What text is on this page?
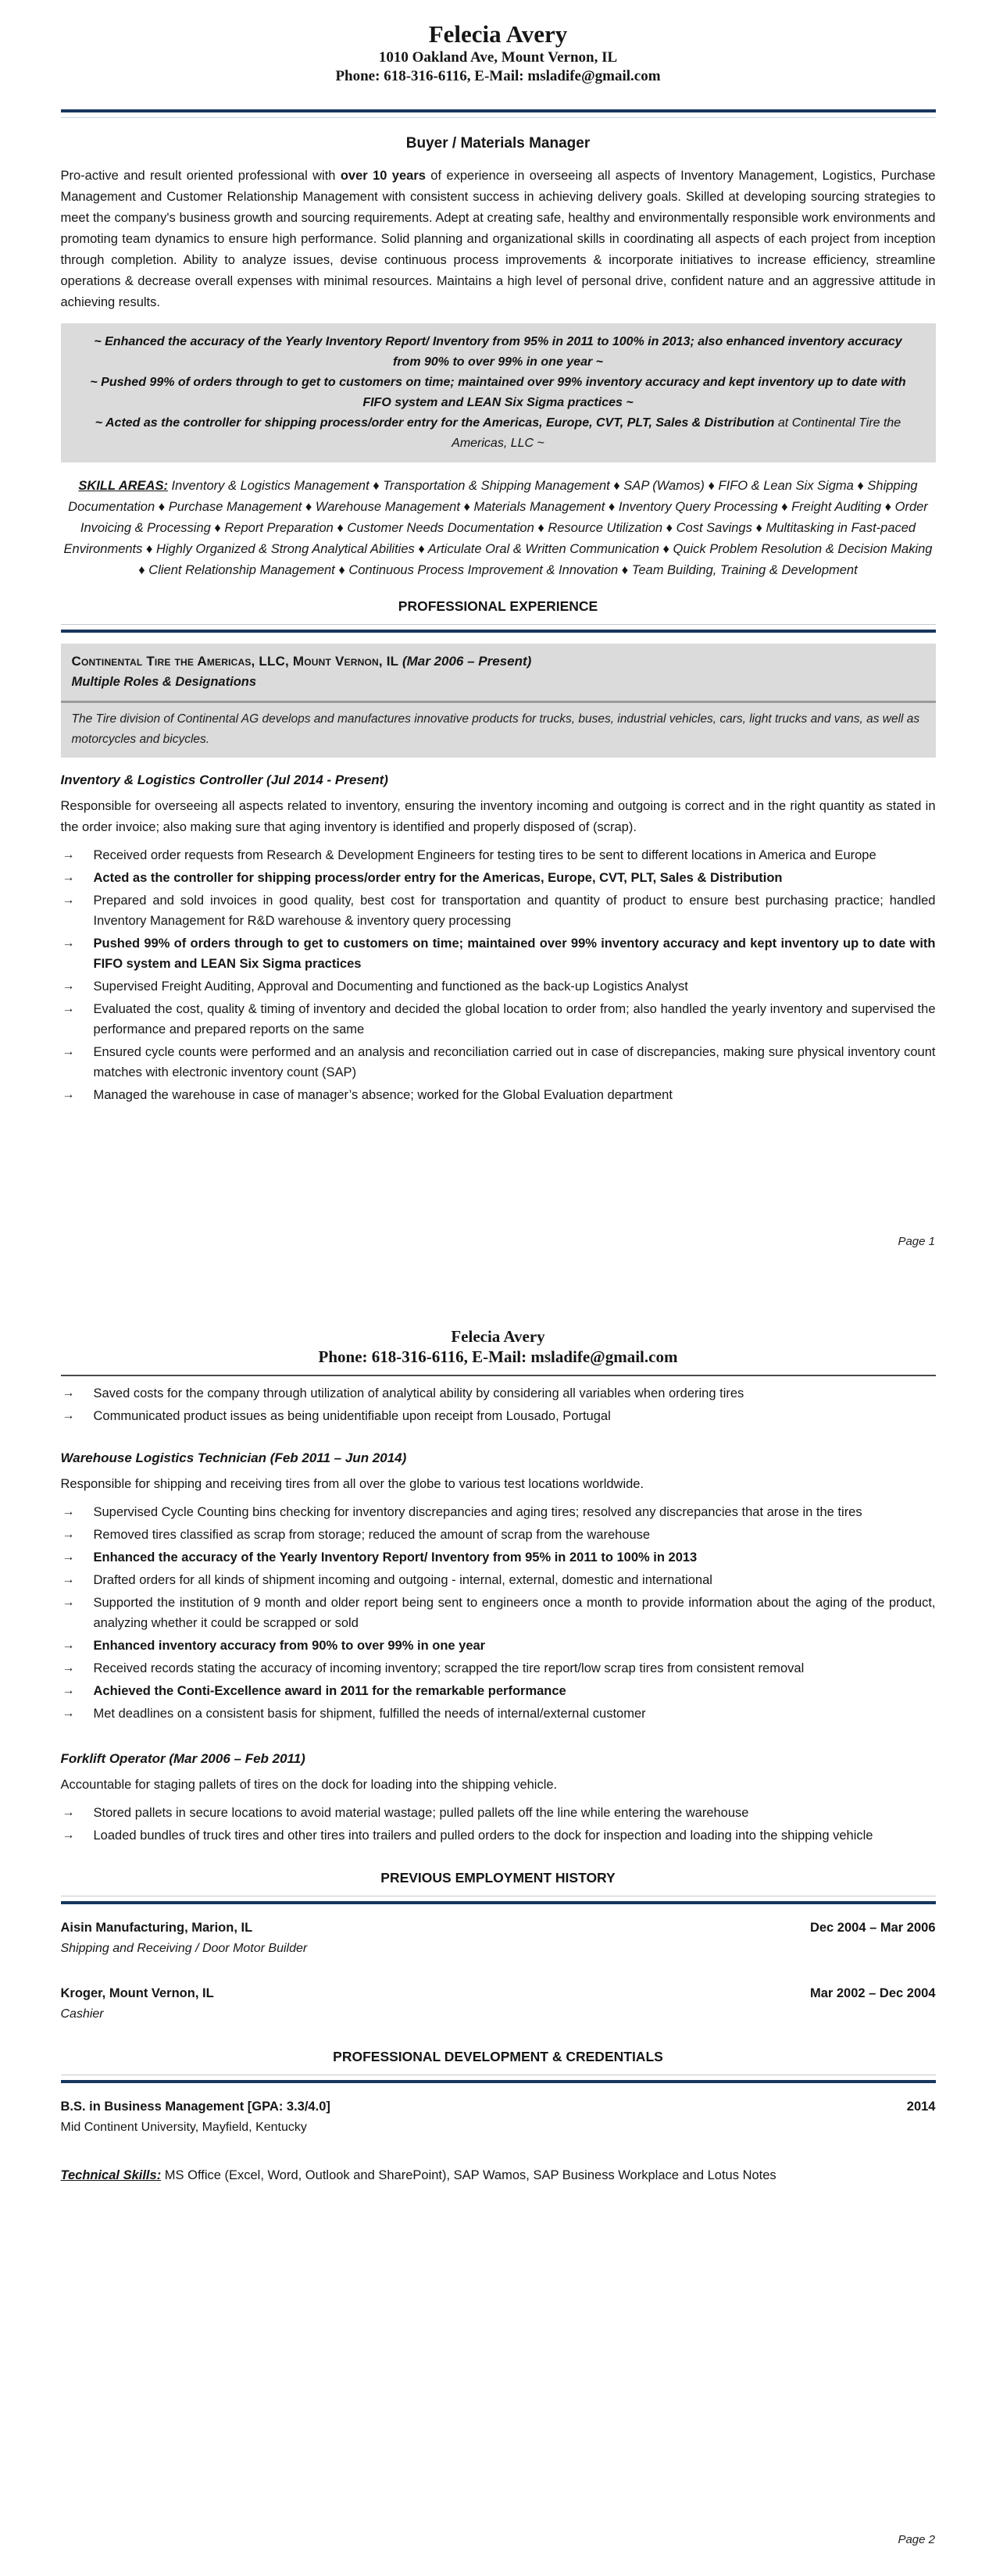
Felecia Avery
1010 Oakland Ave, Mount Vernon, IL
Phone: 618-316-6116, E-Mail: msladife@gmail.com
Buyer / Materials Manager

Pro-active and result oriented professional with over 10 years of experience in overseeing all aspects of Inventory Management, Logistics, Purchase Management and Customer Relationship Management with consistent success in achieving delivery goals. Skilled at developing sourcing strategies to meet the company's business growth and sourcing requirements. Adept at creating safe, healthy and environmentally responsible work environments and promoting team dynamics to ensure high performance. Solid planning and organizational skills in coordinating all aspects of each project from inception through completion. Ability to analyze issues, devise continuous process improvements & incorporate initiatives to increase efficiency, streamline operations & decrease overall expenses with minimal resources. Maintains a high level of personal drive, confident nature and an aggressive attitude in achieving results.

~ Enhanced the accuracy of the Yearly Inventory Report/ Inventory from 95% in 2011 to 100% in 2013; also enhanced inventory accuracy from 90% to over 99% in one year ~
~ Pushed 99% of orders through to get to customers on time; maintained over 99% inventory accuracy and kept inventory up to date with FIFO system and LEAN Six Sigma practices ~
~ Acted as the controller for shipping process/order entry for the Americas, Europe, CVT, PLT, Sales & Distribution at Continental Tire the Americas, LLC ~

SKILL AREAS: Inventory & Logistics Management ♦ Transportation & Shipping Management ♦ SAP (Wamos) ♦ FIFO & Lean Six Sigma ♦ Shipping Documentation ♦ Purchase Management ♦ Warehouse Management ♦ Materials Management ♦ Inventory Query Processing ♦ Freight Auditing ♦ Order Invoicing & Processing ♦ Report Preparation ♦ Customer Needs Documentation ♦ Resource Utilization ♦ Cost Savings ♦ Multitasking in Fast-paced Environments ♦ Highly Organized & Strong Analytical Abilities ♦ Articulate Oral & Written Communication ♦ Quick Problem Resolution & Decision Making ♦ Client Relationship Management ♦ Continuous Process Improvement & Innovation ♦ Team Building, Training & Development

PROFESSIONAL EXPERIENCE
Continental Tire the Americas, LLC, Mount Vernon, IL (Mar 2006 – Present)
Multiple Roles & Designations
The Tire division of Continental AG develops and manufactures innovative products for trucks, buses, industrial vehicles, cars, light trucks and vans, as well as motorcycles and bicycles.
Inventory & Logistics Controller (Jul 2014 - Present)

Responsible for overseeing all aspects related to inventory, ensuring the inventory incoming and outgoing is correct and in the right quantity as stated in the order invoice; also making sure that aging inventory is identified and properly disposed of (scrap).

→	Received order requests from Research & Development Engineers for testing tires to be sent to different locations in America and Europe
→	Acted as the controller for shipping process/order entry for the Americas, Europe, CVT, PLT, Sales & Distribution
→	Prepared and sold invoices in good quality, best cost for transportation and quantity of product to ensure best purchasing practice; handled Inventory Management for R&D warehouse & inventory query processing
→	Pushed 99% of orders through to get to customers on time; maintained over 99% inventory accuracy and kept inventory up to date with FIFO system and LEAN Six Sigma practices
→	Supervised Freight Auditing, Approval and Documenting and functioned as the back-up Logistics Analyst
→	Evaluated the cost, quality & timing of inventory and decided the global location to order from; also handled the yearly inventory and supervised the performance and prepared reports on the same
→	Ensured cycle counts were performed and an analysis and reconciliation carried out in case of discrepancies, making sure physical inventory count matches with electronic inventory count (SAP)
→	Managed the warehouse in case of manager’s absence; worked for the Global Evaluation department
Page 1
Felecia Avery
Phone: 618-316-6116, E-Mail: msladife@gmail.com
→	Saved costs for the company through utilization of analytical ability by considering all variables when ordering tires
→	Communicated product issues as being unidentifiable upon receipt from Lousado, Portugal
Warehouse Logistics Technician (Feb 2011 – Jun 2014)

Responsible for shipping and receiving tires from all over the globe to various test locations worldwide.

→	Supervised Cycle Counting bins checking for inventory discrepancies and aging tires; resolved any discrepancies that arose in the tires
→	Removed tires classified as scrap from storage; reduced the amount of scrap from the warehouse
→	Enhanced the accuracy of the Yearly Inventory Report/ Inventory from 95% in 2011 to 100% in 2013
→	Drafted orders for all kinds of shipment incoming and outgoing - internal, external, domestic and international
→	Supported the institution of 9 month and older report being sent to engineers once a month to provide information about the aging of the product, analyzing whether it could be scrapped or sold
→	Enhanced inventory accuracy from 90% to over 99% in one year
→	Received records stating the accuracy of incoming inventory; scrapped the tire report/low scrap tires from consistent removal
→	Achieved the Conti-Excellence award in 2011 for the remarkable performance
→	Met deadlines on a consistent basis for shipment, fulfilled the needs of internal/external customer
Forklift Operator (Mar 2006 – Feb 2011)

Accountable for staging pallets of tires on the dock for loading into the shipping vehicle.

→	Stored pallets in secure locations to avoid material wastage; pulled pallets off the line while entering the warehouse
→	Loaded bundles of truck tires and other tires into trailers and pulled orders to the dock for inspection and loading into the shipping vehicle
PREVIOUS EMPLOYMENT HISTORY
Aisin Manufacturing, Marion, IL	Dec 2004 – Mar 2006
Shipping and Receiving / Door Motor Builder
Kroger, Mount Vernon, IL	Mar 2002 – Dec 2004
Cashier
PROFESSIONAL DEVELOPMENT & CREDENTIALS
B.S. in Business Management [GPA: 3.3/4.0]	2014
Mid Continent University, Mayfield, Kentucky

Technical Skills: MS Office (Excel, Word, Outlook and SharePoint), SAP Wamos, SAP Business Workplace and Lotus Notes

Page 2
